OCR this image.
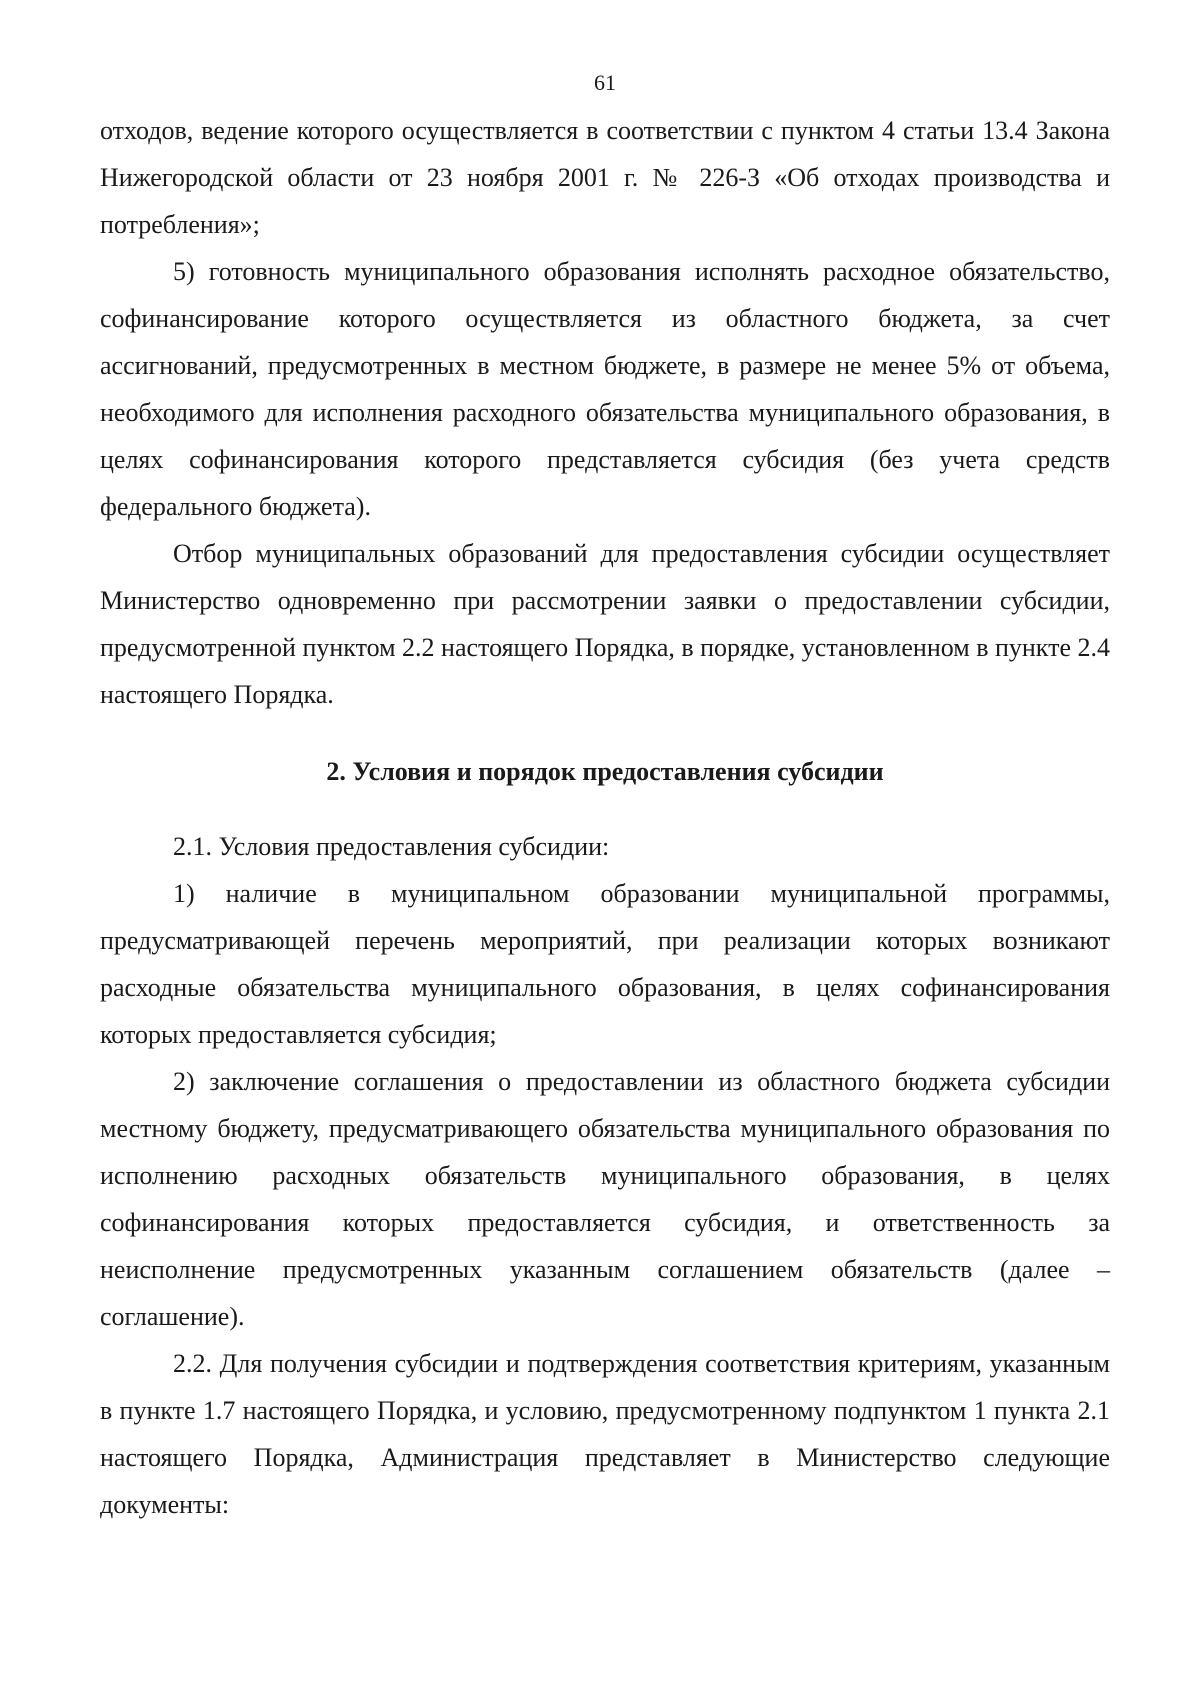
61

отходов, ведение которого осуществляется в соответствии с пунктом 4 статьи 13.4 Закона Нижегородской области от 23 ноября 2001 г. № 226-З «Об отходах производства и потребления»;

5) готовность муниципального образования исполнять расходное обязательство, софинансирование которого осуществляется из областного бюджета, за счет ассигнований, предусмотренных в местном бюджете, в размере не менее 5% от объема, необходимого для исполнения расходного обязательства муниципального образования, в целях софинансирования которого представляется субсидия (без учета средств федерального бюджета).

Отбор муниципальных образований для предоставления субсидии осуществляет Министерство одновременно при рассмотрении заявки о предоставлении субсидии, предусмотренной пунктом 2.2 настоящего Порядка, в порядке, установленном в пункте 2.4 настоящего Порядка.

2. Условия и порядок предоставления субсидии

2.1. Условия предоставления субсидии:

1) наличие в муниципальном образовании муниципальной программы, предусматривающей перечень мероприятий, при реализации которых возникают расходные обязательства муниципального образования, в целях софинансирования которых предоставляется субсидия;

2) заключение соглашения о предоставлении из областного бюджета субсидии местному бюджету, предусматривающего обязательства муниципального образования по исполнению расходных обязательств муниципального образования, в целях софинансирования которых предоставляется субсидия, и ответственность за неисполнение предусмотренных указанным соглашением обязательств (далее – соглашение).

2.2. Для получения субсидии и подтверждения соответствия критериям, указанным в пункте 1.7 настоящего Порядка, и условию, предусмотренному подпунктом 1 пункта 2.1 настоящего Порядка, Администрация представляет в Министерство следующие документы:
